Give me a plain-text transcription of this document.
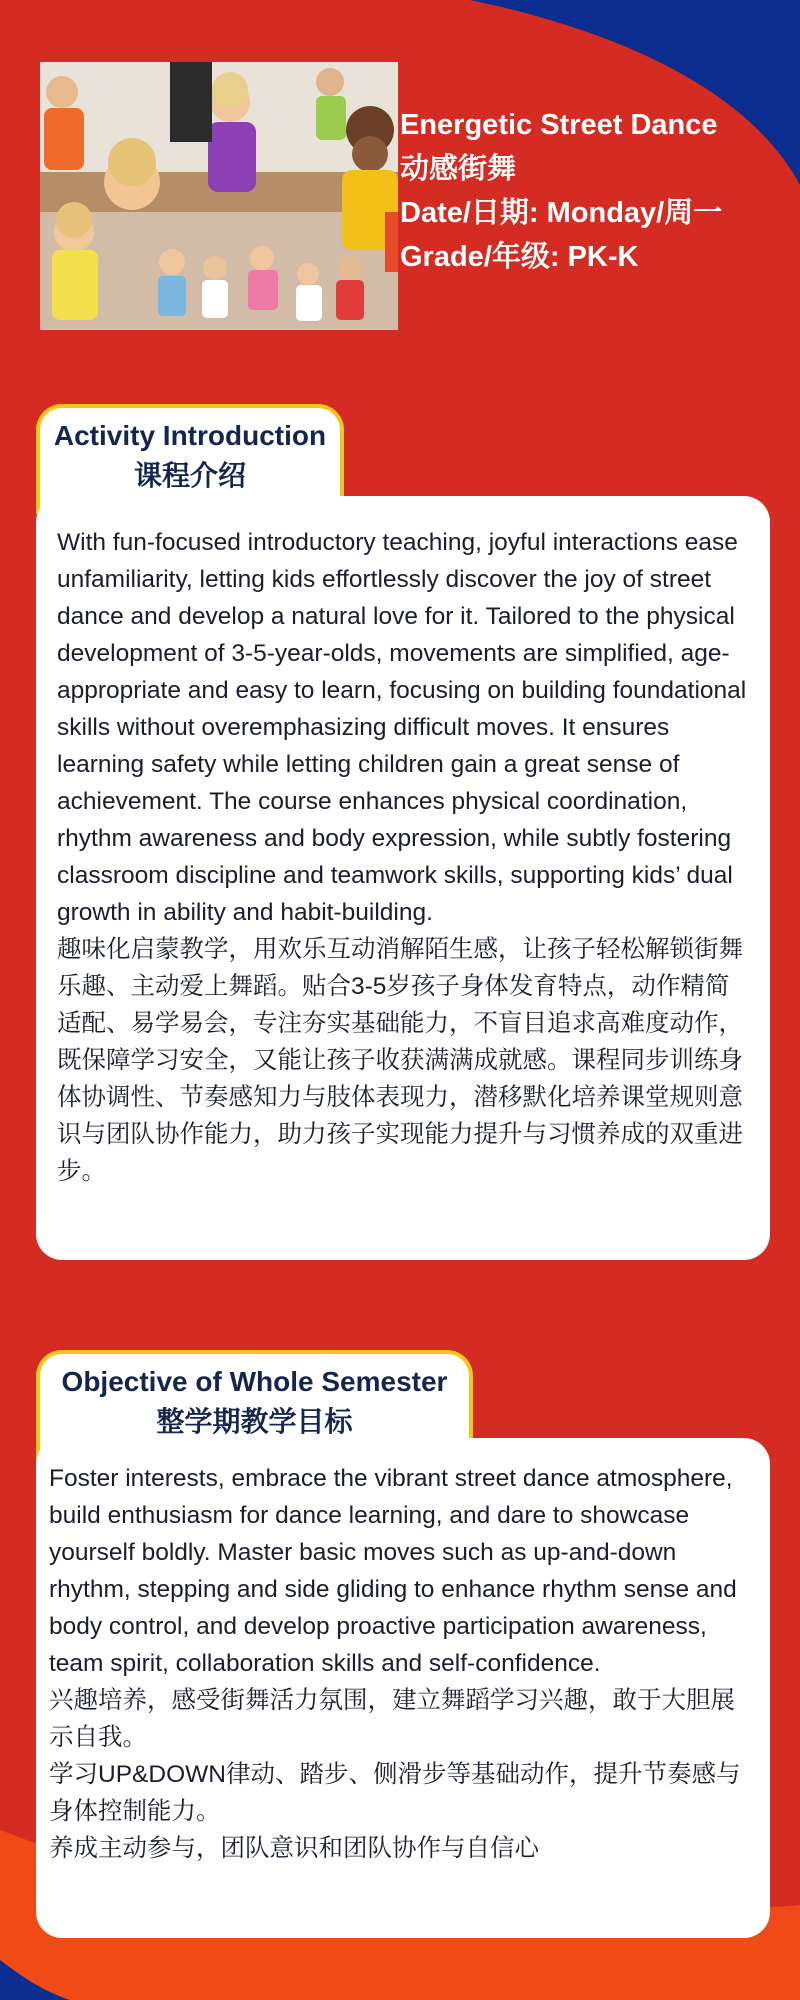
Energetic Street Dance
动感街舞
Date/日期: Monday/周一
Grade/年级: PK-K
Activity Introduction
课程介绍

With fun-focused introductory teaching, joyful interactions ease unfamiliarity, letting kids effortlessly discover the joy of street dance and develop a natural love for it. Tailored to the physical development of 3-5-year-olds, movements are simplified, age-appropriate and easy to learn, focusing on building foundational skills without overemphasizing difficult moves. It ensures learning safety while letting children gain a great sense of achievement. The course enhances physical coordination, rhythm awareness and body expression, while subtly fostering classroom discipline and teamwork skills, supporting kids’ dual growth in ability and habit-building.

趣味化启蒙教学，用欢乐互动消解陌生感，让孩子轻松解锁街舞乐趣、主动爱上舞蹈。贴合3-5岁孩子身体发育特点，动作精简适配、易学易会，专注夯实基础能力，不盲目追求高难度动作，既保障学习安全，又能让孩子收获满满成就感。课程同步训练身体协调性、节奏感知力与肢体表现力，潜移默化培养课堂规则意识与团队协作能力，助力孩子实现能力提升与习惯养成的双重进步。

Objective of Whole Semester
整学期教学目标

Foster interests, embrace the vibrant street dance atmosphere, build enthusiasm for dance learning, and dare to showcase yourself boldly. Master basic moves such as up-and-down rhythm, stepping and side gliding to enhance rhythm sense and body control, and develop proactive participation awareness, team spirit, collaboration skills and self-confidence.

兴趣培养，感受街舞活力氛围，建立舞蹈学习兴趣，敢于大胆展示自我。

学习UP&DOWN律动、踏步、侧滑步等基础动作，提升节奏感与身体控制能力。

养成主动参与，团队意识和团队协作与自信心
